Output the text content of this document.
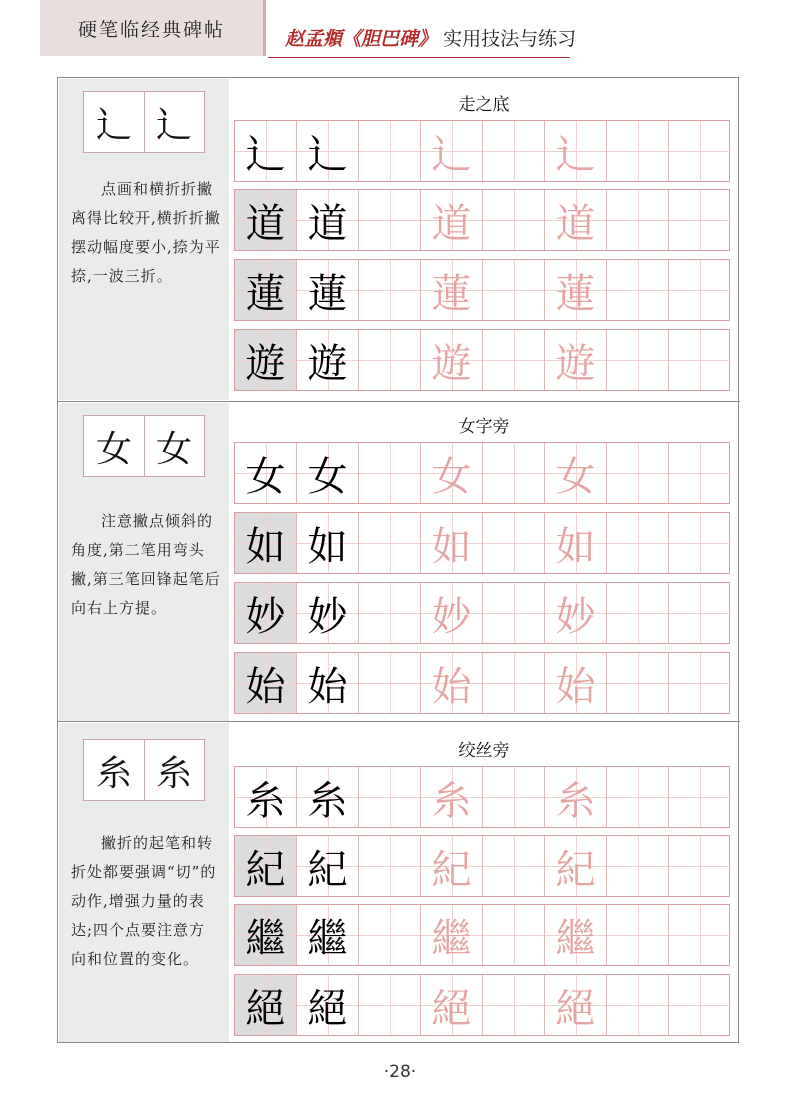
硬笔临经典碑帖	赵孟頫《胆巴碑》 实用技法与练习
辶 辶
点画和横折折撇离得比较开,横折折撇摆动幅度要小,捺为平捺,一波三折。
走之底
辶 辶 辶 辶
道 道 道 道
蓮 蓮 蓮 蓮
遊 遊 遊 遊
女 女
注意撇点倾斜的角度,第二笔用弯头撇,第三笔回锋起笔后向右上方提。
女字旁
女 女 女 女
如 如 如 如
妙 妙 妙 妙
始 始 始 始
糸 糸
撇折的起笔和转折处都要强调“切”的动作,增强力量的表达;四个点要注意方向和位置的变化。
绞丝旁
糸 糸 糸 糸
紀 紀 紀 紀
繼 繼 繼 繼
絕 絕 絕 絕
·28·
